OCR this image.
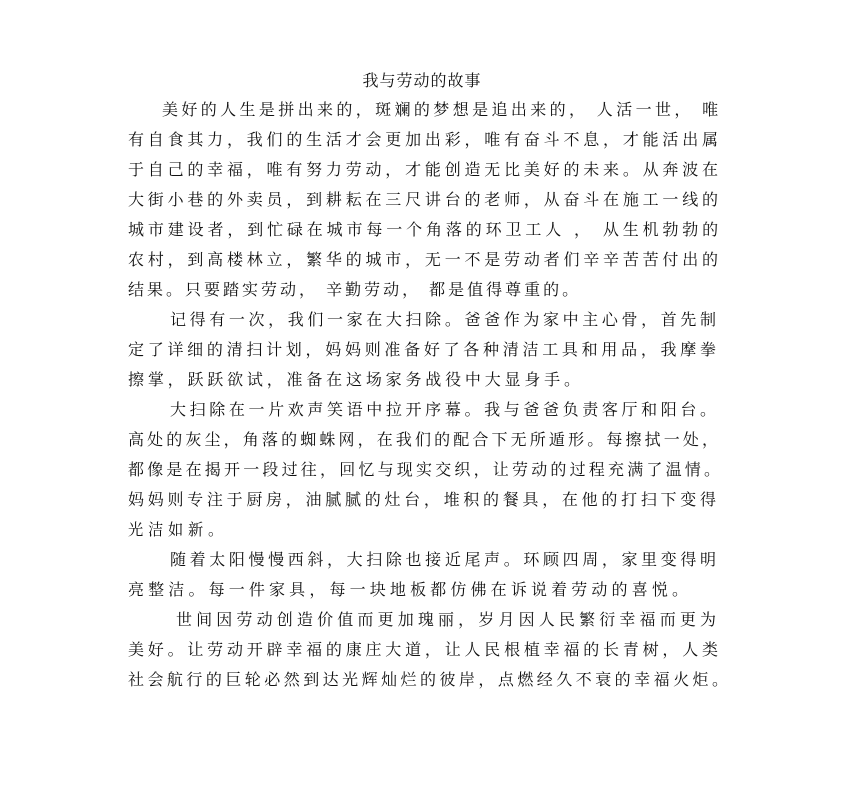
我与劳动的故事
美好的人生是拼出来的，斑斓的梦想是追出来的， 人活一世， 唯
有自食其力，我们的生活才会更加出彩，唯有奋斗不息，才能活出属
于自己的幸福，唯有努力劳动，才能创造无比美好的未来。从奔波在
大街小巷的外卖员，到耕耘在三尺讲台的老师，从奋斗在施工一线的
城市建设者，到忙碌在城市每一个角落的环卫工人 ， 从生机勃勃的
农村，到高楼林立，繁华的城市，无一不是劳动者们辛辛苦苦付出的
结果。只要踏实劳动， 辛勤劳动， 都是值得尊重的。
记得有一次，我们一家在大扫除。爸爸作为家中主心骨，首先制
定了详细的清扫计划，妈妈则准备好了各种清洁工具和用品，我摩拳
擦掌，跃跃欲试，准备在这场家务战役中大显身手。
大扫除在一片欢声笑语中拉开序幕。我与爸爸负责客厅和阳台。
高处的灰尘，角落的蜘蛛网，在我们的配合下无所遁形。每擦拭一处，
都像是在揭开一段过往，回忆与现实交织，让劳动的过程充满了温情。
妈妈则专注于厨房，油腻腻的灶台，堆积的餐具，在他的打扫下变得
光洁如新。
随着太阳慢慢西斜，大扫除也接近尾声。环顾四周，家里变得明
亮整洁。每一件家具，每一块地板都仿佛在诉说着劳动的喜悦。
世间因劳动创造价值而更加瑰丽，岁月因人民繁衍幸福而更为
美好。让劳动开辟幸福的康庄大道，让人民根植幸福的长青树，人类
社会航行的巨轮必然到达光辉灿烂的彼岸，点燃经久不衰的幸福火炬。
